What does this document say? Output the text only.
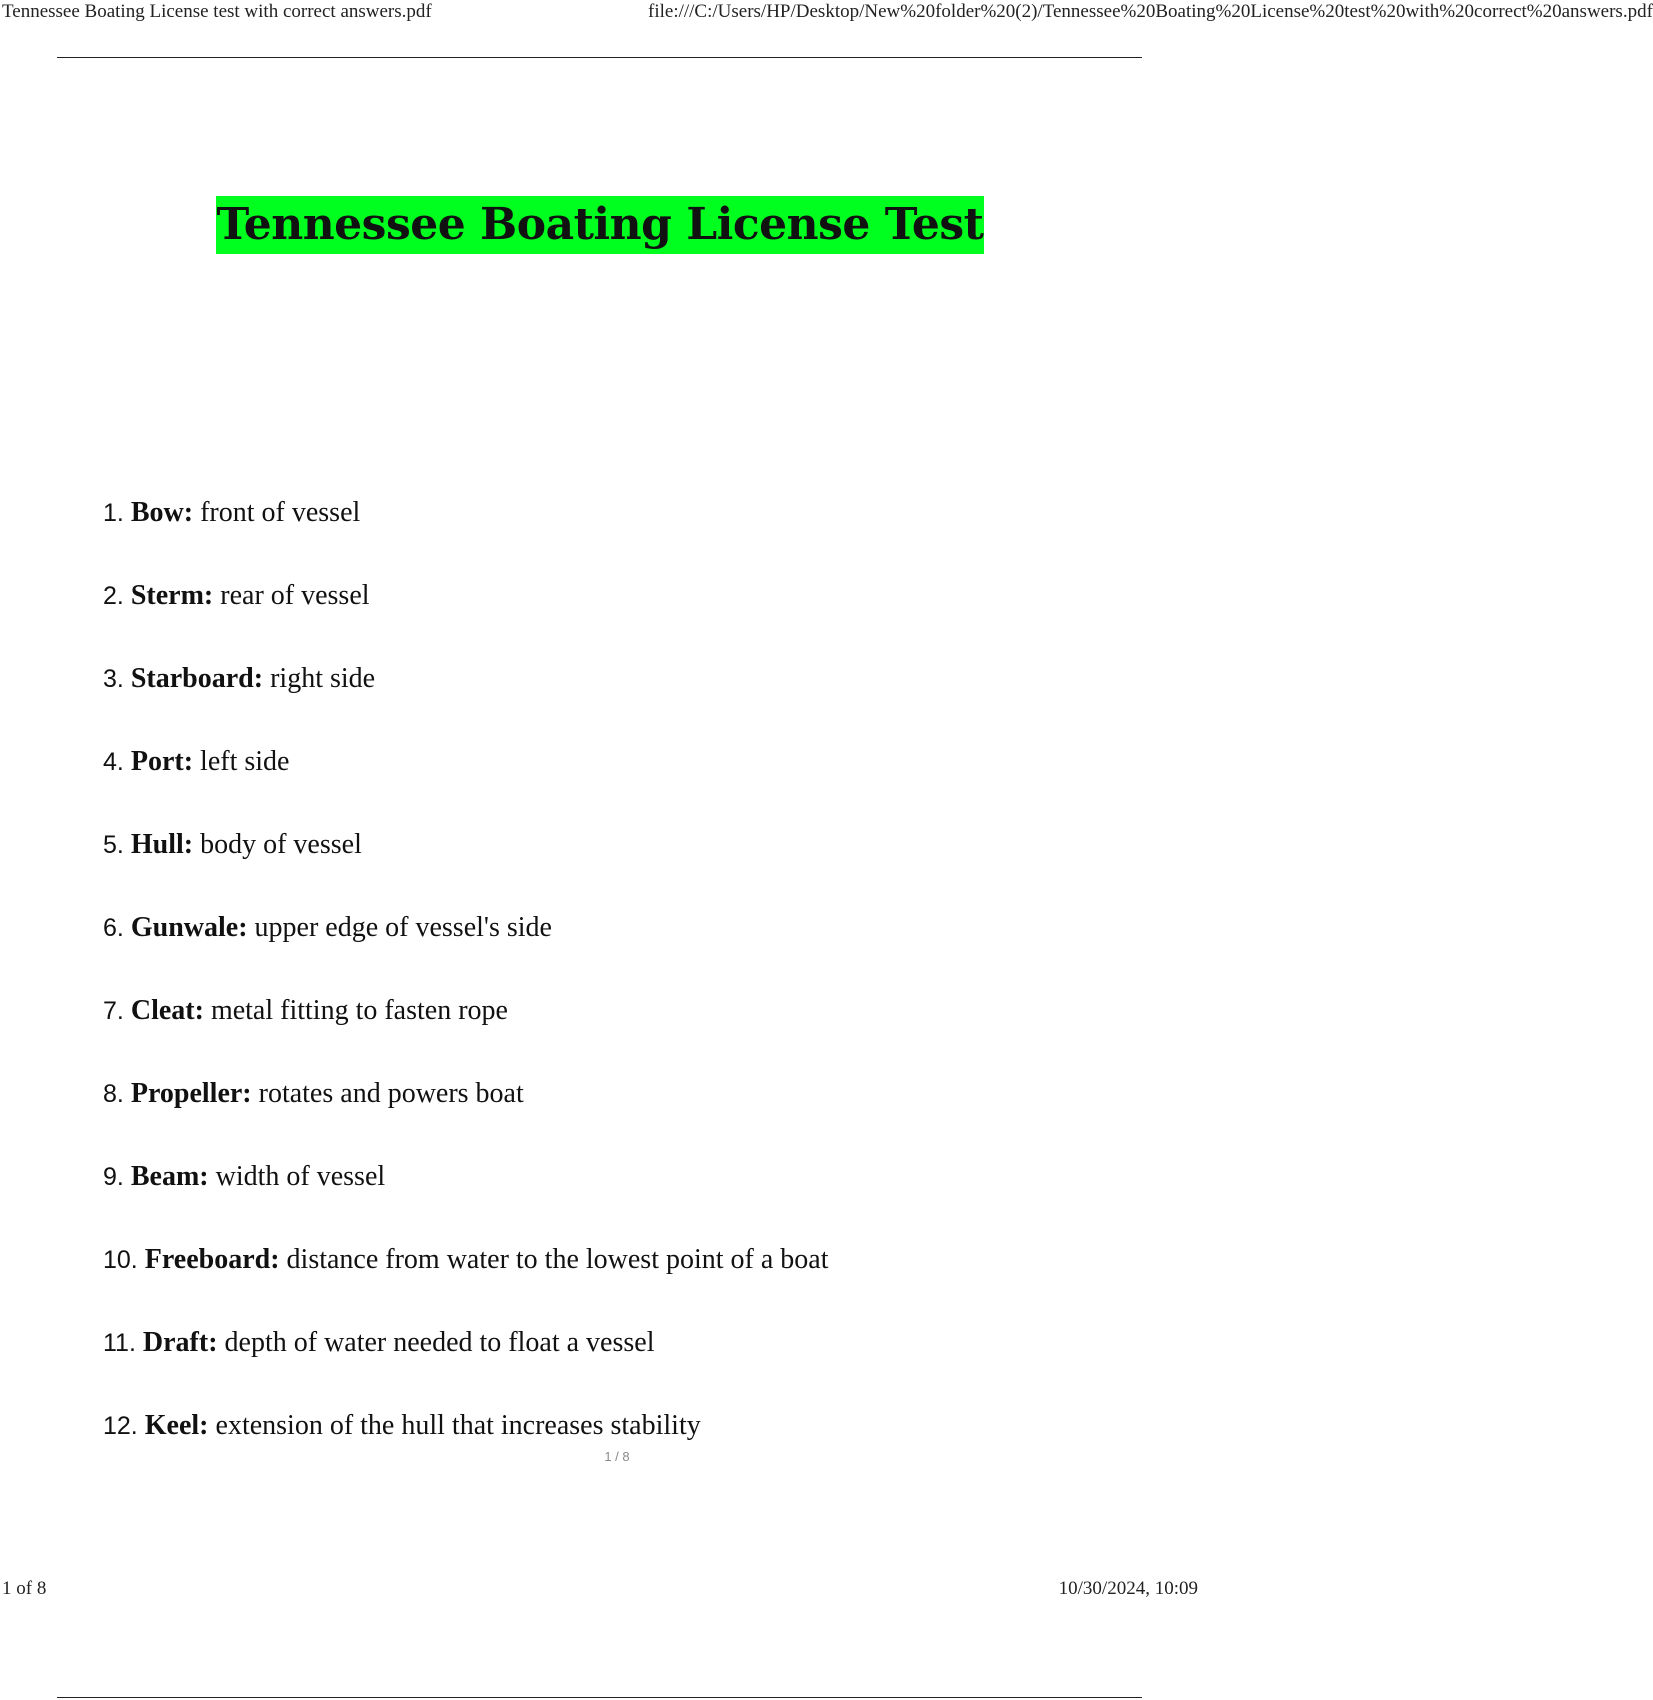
Tennessee Boating License test with correct answers.pdf	file:///C:/Users/HP/Desktop/New%20folder%20(2)/Tennessee%20Boating%20License%20test%20with%20correct%20answers.pdf
Tennessee Boating License Test
1. Bow: front of vessel
2. Sterm: rear of vessel
3. Starboard: right side
4. Port: left side
5. Hull: body of vessel
6. Gunwale: upper edge of vessel's side
7. Cleat: metal fitting to fasten rope
8. Propeller: rotates and powers boat
9. Beam: width of vessel
10. Freeboard: distance from water to the lowest point of a boat
11. Draft: depth of water needed to float a vessel
12. Keel: extension of the hull that increases stability
1 / 8
1 of 8	10/30/2024, 10:09
